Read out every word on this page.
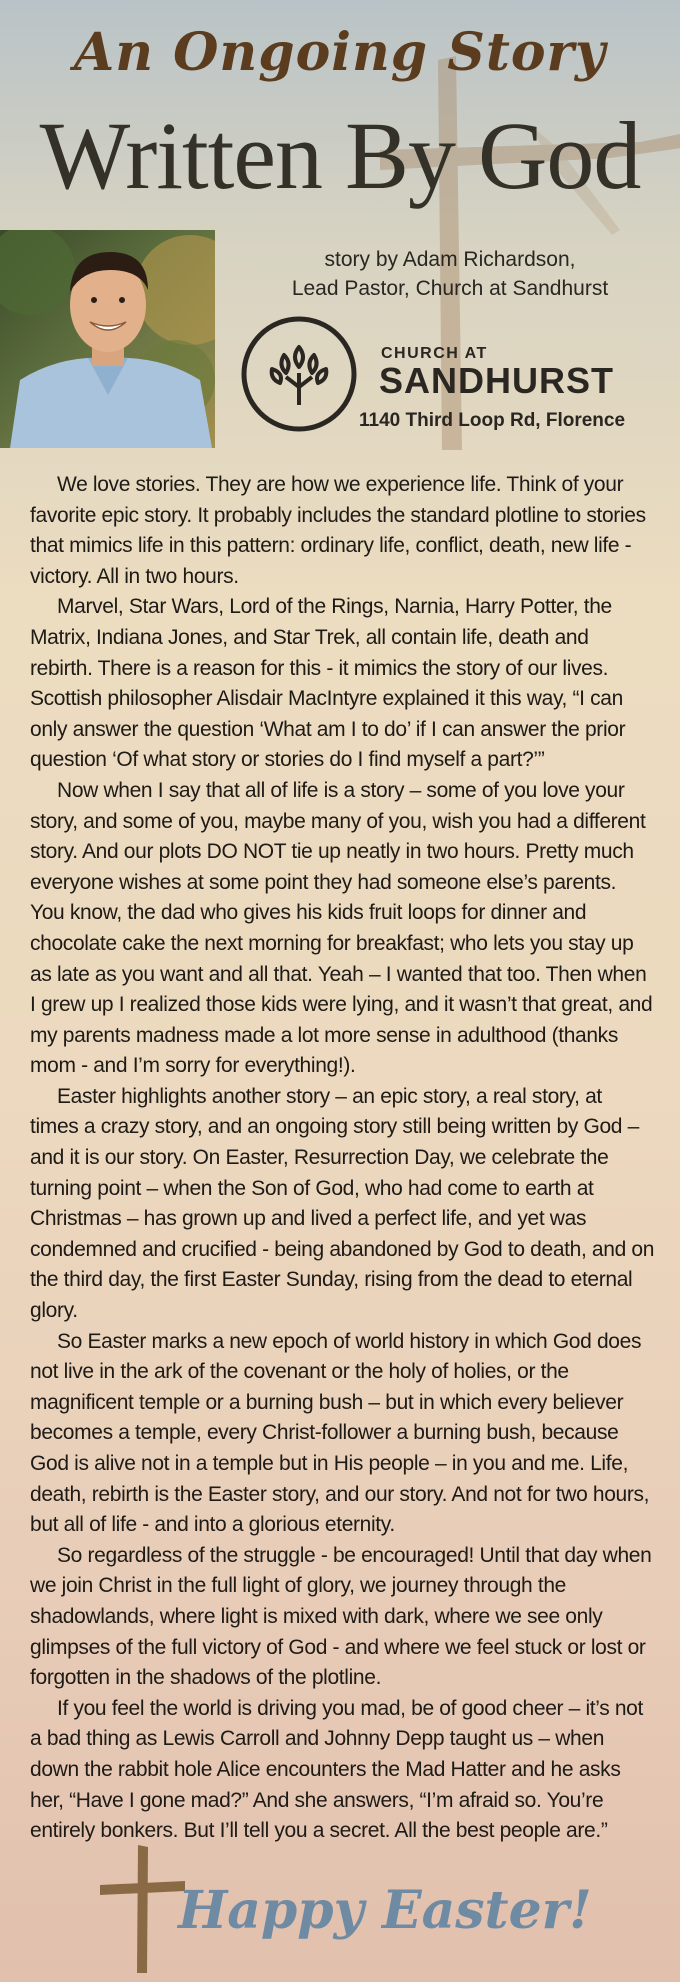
An Ongoing Story
Written By God
story by Adam Richardson,
Lead Pastor, Church at Sandhurst
CHURCH AT
SANDHURST
1140 Third Loop Rd, Florence

We love stories. They are how we experience life. Think of your favorite epic story. It probably includes the standard plotline to stories that mimics life in this pattern: ordinary life, conflict, death, new life - victory. All in two hours.

Marvel, Star Wars, Lord of the Rings, Narnia, Harry Potter, the Matrix, Indiana Jones, and Star Trek, all contain life, death and rebirth. There is a reason for this - it mimics the story of our lives. Scottish philosopher Alisdair MacIntyre explained it this way, “I can only answer the question ‘What am I to do’ if I can answer the prior question ‘Of what story or stories do I find myself a part?’”

Now when I say that all of life is a story – some of you love your story, and some of you, maybe many of you, wish you had a different story. And our plots DO NOT tie up neatly in two hours. Pretty much everyone wishes at some point they had someone else’s parents. You know, the dad who gives his kids fruit loops for dinner and chocolate cake the next morning for breakfast; who lets you stay up as late as you want and all that. Yeah – I wanted that too. Then when I grew up I realized those kids were lying, and it wasn’t that great, and my parents madness made a lot more sense in adulthood (thanks mom - and I’m sorry for everything!).

Easter highlights another story – an epic story, a real story, at times a crazy story, and an ongoing story still being written by God – and it is our story. On Easter, Resurrection Day, we celebrate the turning point – when the Son of God, who had come to earth at Christmas – has grown up and lived a perfect life, and yet was condemned and crucified - being abandoned by God to death, and on the third day, the first Easter Sunday, rising from the dead to eternal glory.

So Easter marks a new epoch of world history in which God does not live in the ark of the covenant or the holy of holies, or the magnificent temple or a burning bush – but in which every believer becomes a temple, every Christ-follower a burning bush, because God is alive not in a temple but in His people – in you and me. Life, death, rebirth is the Easter story, and our story. And not for two hours, but all of life - and into a glorious eternity.

So regardless of the struggle - be encouraged! Until that day when we join Christ in the full light of glory, we journey through the shadowlands, where light is mixed with dark, where we see only glimpses of the full victory of God - and where we feel stuck or lost or forgotten in the shadows of the plotline.

If you feel the world is driving you mad, be of good cheer – it’s not a bad thing as Lewis Carroll and Johnny Depp taught us – when down the rabbit hole Alice encounters the Mad Hatter and he asks her, “Have I gone mad?” And she answers, “I’m afraid so. You’re entirely bonkers. But I’ll tell you a secret. All the best people are.”

Happy Easter!
